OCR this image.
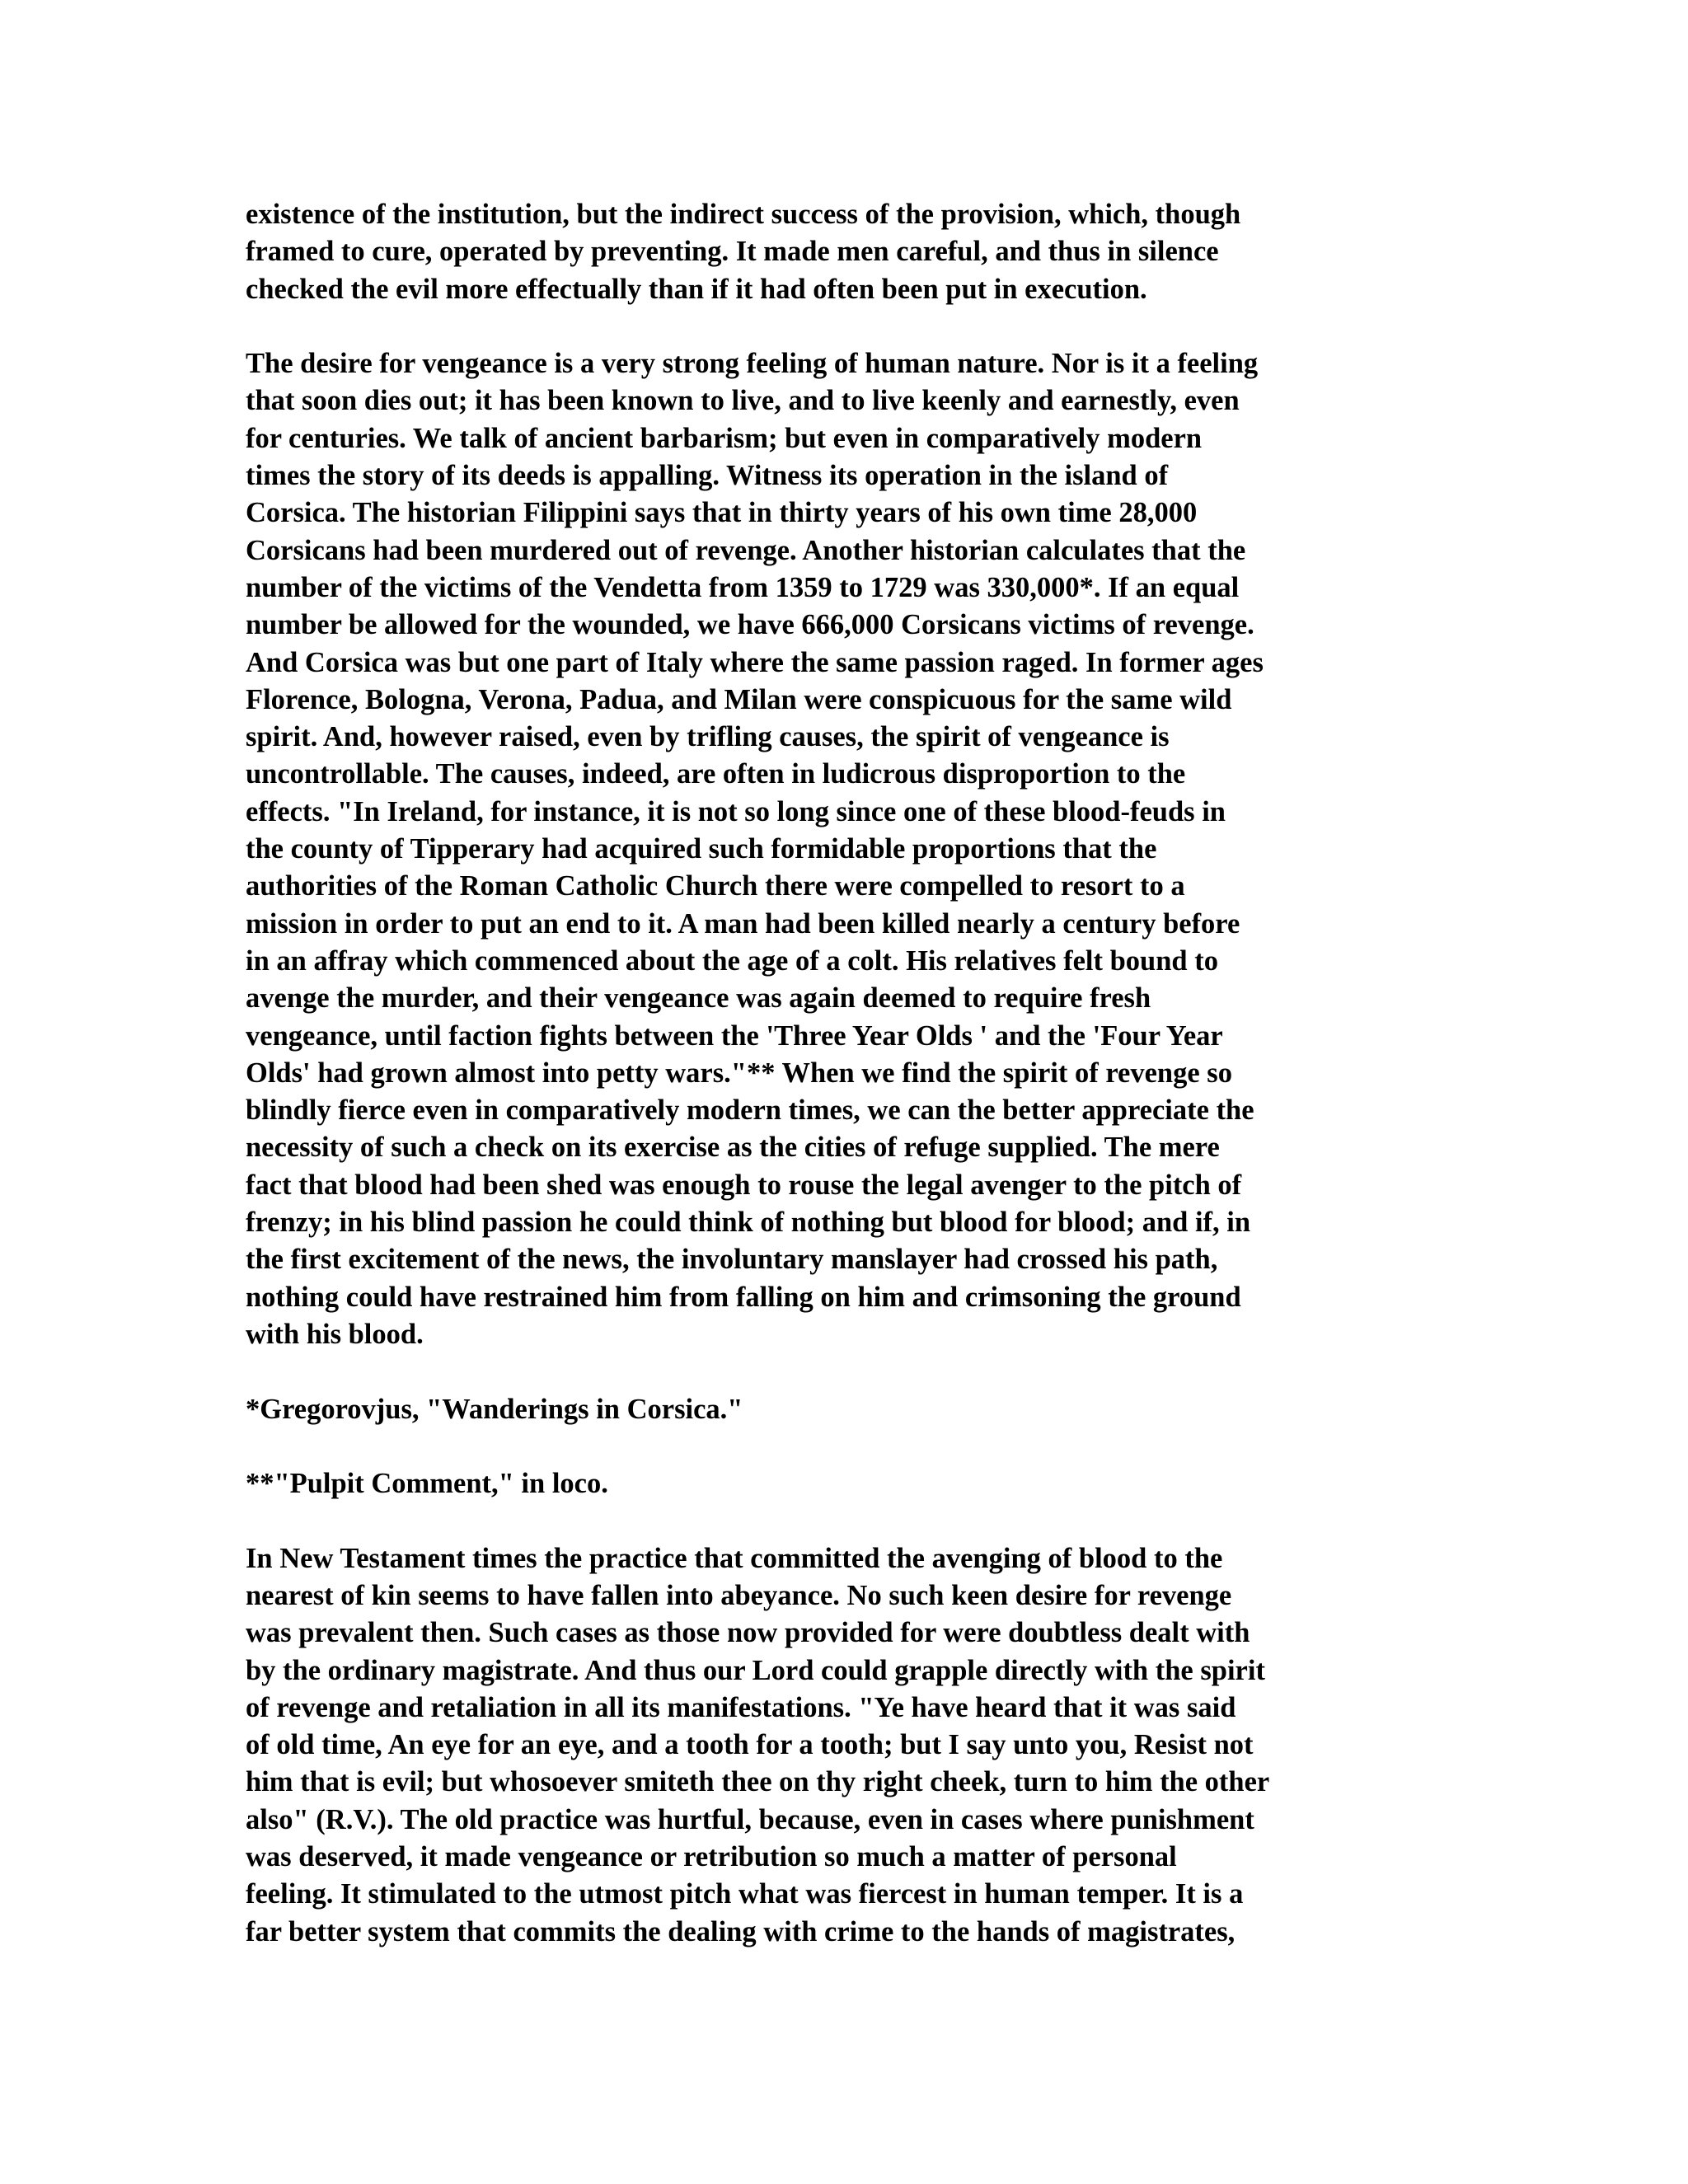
existence of the institution, but the indirect success of the provision, which, though
framed to cure, operated by preventing. It made men careful, and thus in silence
checked the evil more effectually than if it had often been put in execution.
The desire for vengeance is a very strong feeling of human nature. Nor is it a feeling
that soon dies out; it has been known to live, and to live keenly and earnestly, even
for centuries. We talk of ancient barbarism; but even in comparatively modern
times the story of its deeds is appalling. Witness its operation in the island of
Corsica. The historian Filippini says that in thirty years of his own time 28,000
Corsicans had been murdered out of revenge. Another historian calculates that the
number of the victims of the Vendetta from 1359 to 1729 was 330,000*. If an equal
number be allowed for the wounded, we have 666,000 Corsicans victims of revenge.
And Corsica was but one part of Italy where the same passion raged. In former ages
Florence, Bologna, Verona, Padua, and Milan were conspicuous for the same wild
spirit. And, however raised, even by trifling causes, the spirit of vengeance is
uncontrollable. The causes, indeed, are often in ludicrous disproportion to the
effects. "In Ireland, for instance, it is not so long since one of these blood-feuds in
the county of Tipperary had acquired such formidable proportions that the
authorities of the Roman Catholic Church there were compelled to resort to a
mission in order to put an end to it. A man had been killed nearly a century before
in an affray which commenced about the age of a colt. His relatives felt bound to
avenge the murder, and their vengeance was again deemed to require fresh
vengeance, until faction fights between the 'Three Year Olds ' and the 'Four Year
Olds' had grown almost into petty wars."** When we find the spirit of revenge so
blindly fierce even in comparatively modern times, we can the better appreciate the
necessity of such a check on its exercise as the cities of refuge supplied. The mere
fact that blood had been shed was enough to rouse the legal avenger to the pitch of
frenzy; in his blind passion he could think of nothing but blood for blood; and if, in
the first excitement of the news, the involuntary manslayer had crossed his path,
nothing could have restrained him from falling on him and crimsoning the ground
with his blood.
*Gregorovjus, "Wanderings in Corsica."
**"Pulpit Comment," in loco.
In New Testament times the practice that committed the avenging of blood to the
nearest of kin seems to have fallen into abeyance. No such keen desire for revenge
was prevalent then. Such cases as those now provided for were doubtless dealt with
by the ordinary magistrate. And thus our Lord could grapple directly with the spirit
of revenge and retaliation in all its manifestations. "Ye have heard that it was said
of old time, An eye for an eye, and a tooth for a tooth; but I say unto you, Resist not
him that is evil; but whosoever smiteth thee on thy right cheek, turn to him the other
also" (R.V.). The old practice was hurtful, because, even in cases where punishment
was deserved, it made vengeance or retribution so much a matter of personal
feeling. It stimulated to the utmost pitch what was fiercest in human temper. It is a
far better system that commits the dealing with crime to the hands of magistrates,
